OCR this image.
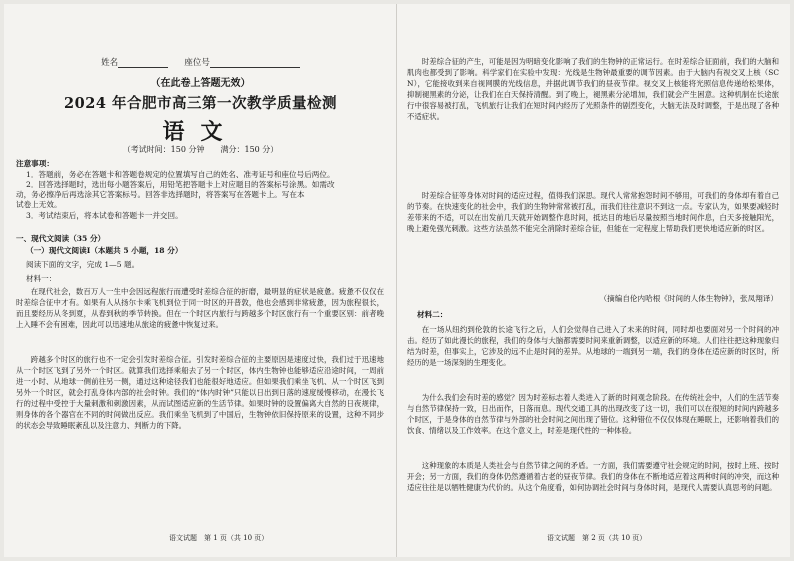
姓名	座位号
（在此卷上答题无效）
2024 年合肥市高三第一次教学质量检测
语文
（考试时间：150 分钟　　满分：150 分）
注意事项：
1．答题前，务必在答题卡和答题卷规定的位置填写自己的姓名、准考证号和座位号后两位。
2．回答选择题时，选出每小题答案后，用铅笔把答题卡上对应题目的答案标号涂黑。如需改
动，务必擦净后再选涂其它答案标号。回答非选择题时，将答案写在答题卡上。写在本
试卷上无效。
3．考试结束后，将本试卷和答题卡一并交回。
一、现代文阅读（35 分）
（一）现代文阅读Ⅰ（本题共 5 小题，18 分）
阅读下面的文字，完成 1—5 题。
材料一：
在现代社会，数百万人一生中会因远程旅行而遭受时差综合征的折磨，最明显的症状是疲惫。疲惫不仅仅在时差综合征中才有。如果有人从扬尔卡乘飞机到位于同一时区的开普敦，他也会感到非常疲惫，因为旅程很长，而且要经历从冬到夏，从春到秋的季节转换。但在一个时区内旅行与跨越多个时区旅行有一个重要区别：前者晚上入睡不会有困难，因此可以迅速地从旅途的疲惫中恢复过来。
跨越多个时区的旅行也不一定会引发时差综合征。引发时差综合征的主要原因是速度过快，我们过于迅速地从一个时区飞到了另外一个时区。就算我们选择乘船去了另一个时区，体内生物钟也能够适应沿途时间，一周前进一小时、从地球一侧前往另一侧，通过这种途径我们也能很好地适应。但如果我们乘坐飞机、从一个时区飞到另外一个时区，就会打乱身体内部的社会时钟。我们的“体内时钟”只能以日出到日落的速度缓慢移动，在漫长飞行的过程中受控于大量刺激和刺激因素，从而试图适应新的生活节律。如果时钟的设置偏离大自然的日夜规律，则身体的各个器官在不同的时间做出反应。我们乘坐飞机到了中国后，生物钟依旧保持原来的设置，这种不同步的状态会导致睡眠紊乱以及注意力、判断力的下降。
语文试题　第 1 页（共 10 页）
时差综合征的产生，可能是因为明暗变化影响了我们的生物钟的正常运行。在时差综合征面前，我们的大脑和肌肉也都受到了影响。科学家们在实验中发现：光线是生物钟最重要的调节因素。由于大脑内有视交叉上核（SCN），它能接收到来自视网膜的光线信息，并据此调节我们的昼夜节律。视交叉上核能将光照信息传递给松果体，抑制褪黑素的分泌，让我们在白天保持清醒。到了晚上，褪黑素分泌增加，我们就会产生困意。这种机制在长途旅行中很容易被打乱，飞机旅行让我们在短时间内经历了光照条件的剧烈变化，大脑无法及时调整，于是出现了各种不适症状。
时差综合征等身体对时间的适应过程，值得我们深思。现代人常常抱怨时间不够用，可我们的身体却有着自己的节奏。在快速变化的社会中，我们的生物钟常常被打乱，而我们往往意识不到这一点。专家认为，如果要减轻时差带来的不适，可以在出发前几天就开始调整作息时间，抵达目的地后尽量按照当地时间作息，白天多接触阳光，晚上避免强光刺激。这些方法虽然不能完全消除时差综合征，但能在一定程度上帮助我们更快地适应新的时区。
（摘编自伦内哈根《时间的人体生物钟》，张凤翔译）
材料二：
在一场从纽约到伦敦的长途飞行之后，人们会觉得自己进入了未来的时间，同时却也要面对另一个时间的冲击。经历了如此漫长的旅程，我们的身体与大脑都需要时间来重新调整，以适应新的环境。人们往往把这种现象归结为时差，但事实上，它涉及的远不止是时间的差异。从地球的一端到另一端，我们的身体在适应新的时区时，所经历的是一场深刻的生理变化。
为什么我们会有时差的感觉？因为时差标志着人类进入了新的时间观念阶段。在传统社会中，人们的生活节奏与自然节律保持一致，日出而作，日落而息。现代交通工具的出现改变了这一切，我们可以在很短的时间内跨越多个时区，于是身体的自然节律与外部的社会时间之间出现了错位。这种错位不仅仅体现在睡眠上，还影响着我们的饮食、情绪以及工作效率。在这个意义上，时差是现代性的一种体验。
这种现象的本质是人类社会与自然节律之间的矛盾。一方面，我们需要遵守社会规定的时间，按时上班、按时开会；另一方面，我们的身体仍然遵循着古老的昼夜节律。我们的身体在不断地适应着这两种时间的冲突，而这种适应往往是以牺牲健康为代价的。从这个角度看，如何协调社会时间与身体时间，是现代人需要认真思考的问题。
语文试题　第 2 页（共 10 页）
